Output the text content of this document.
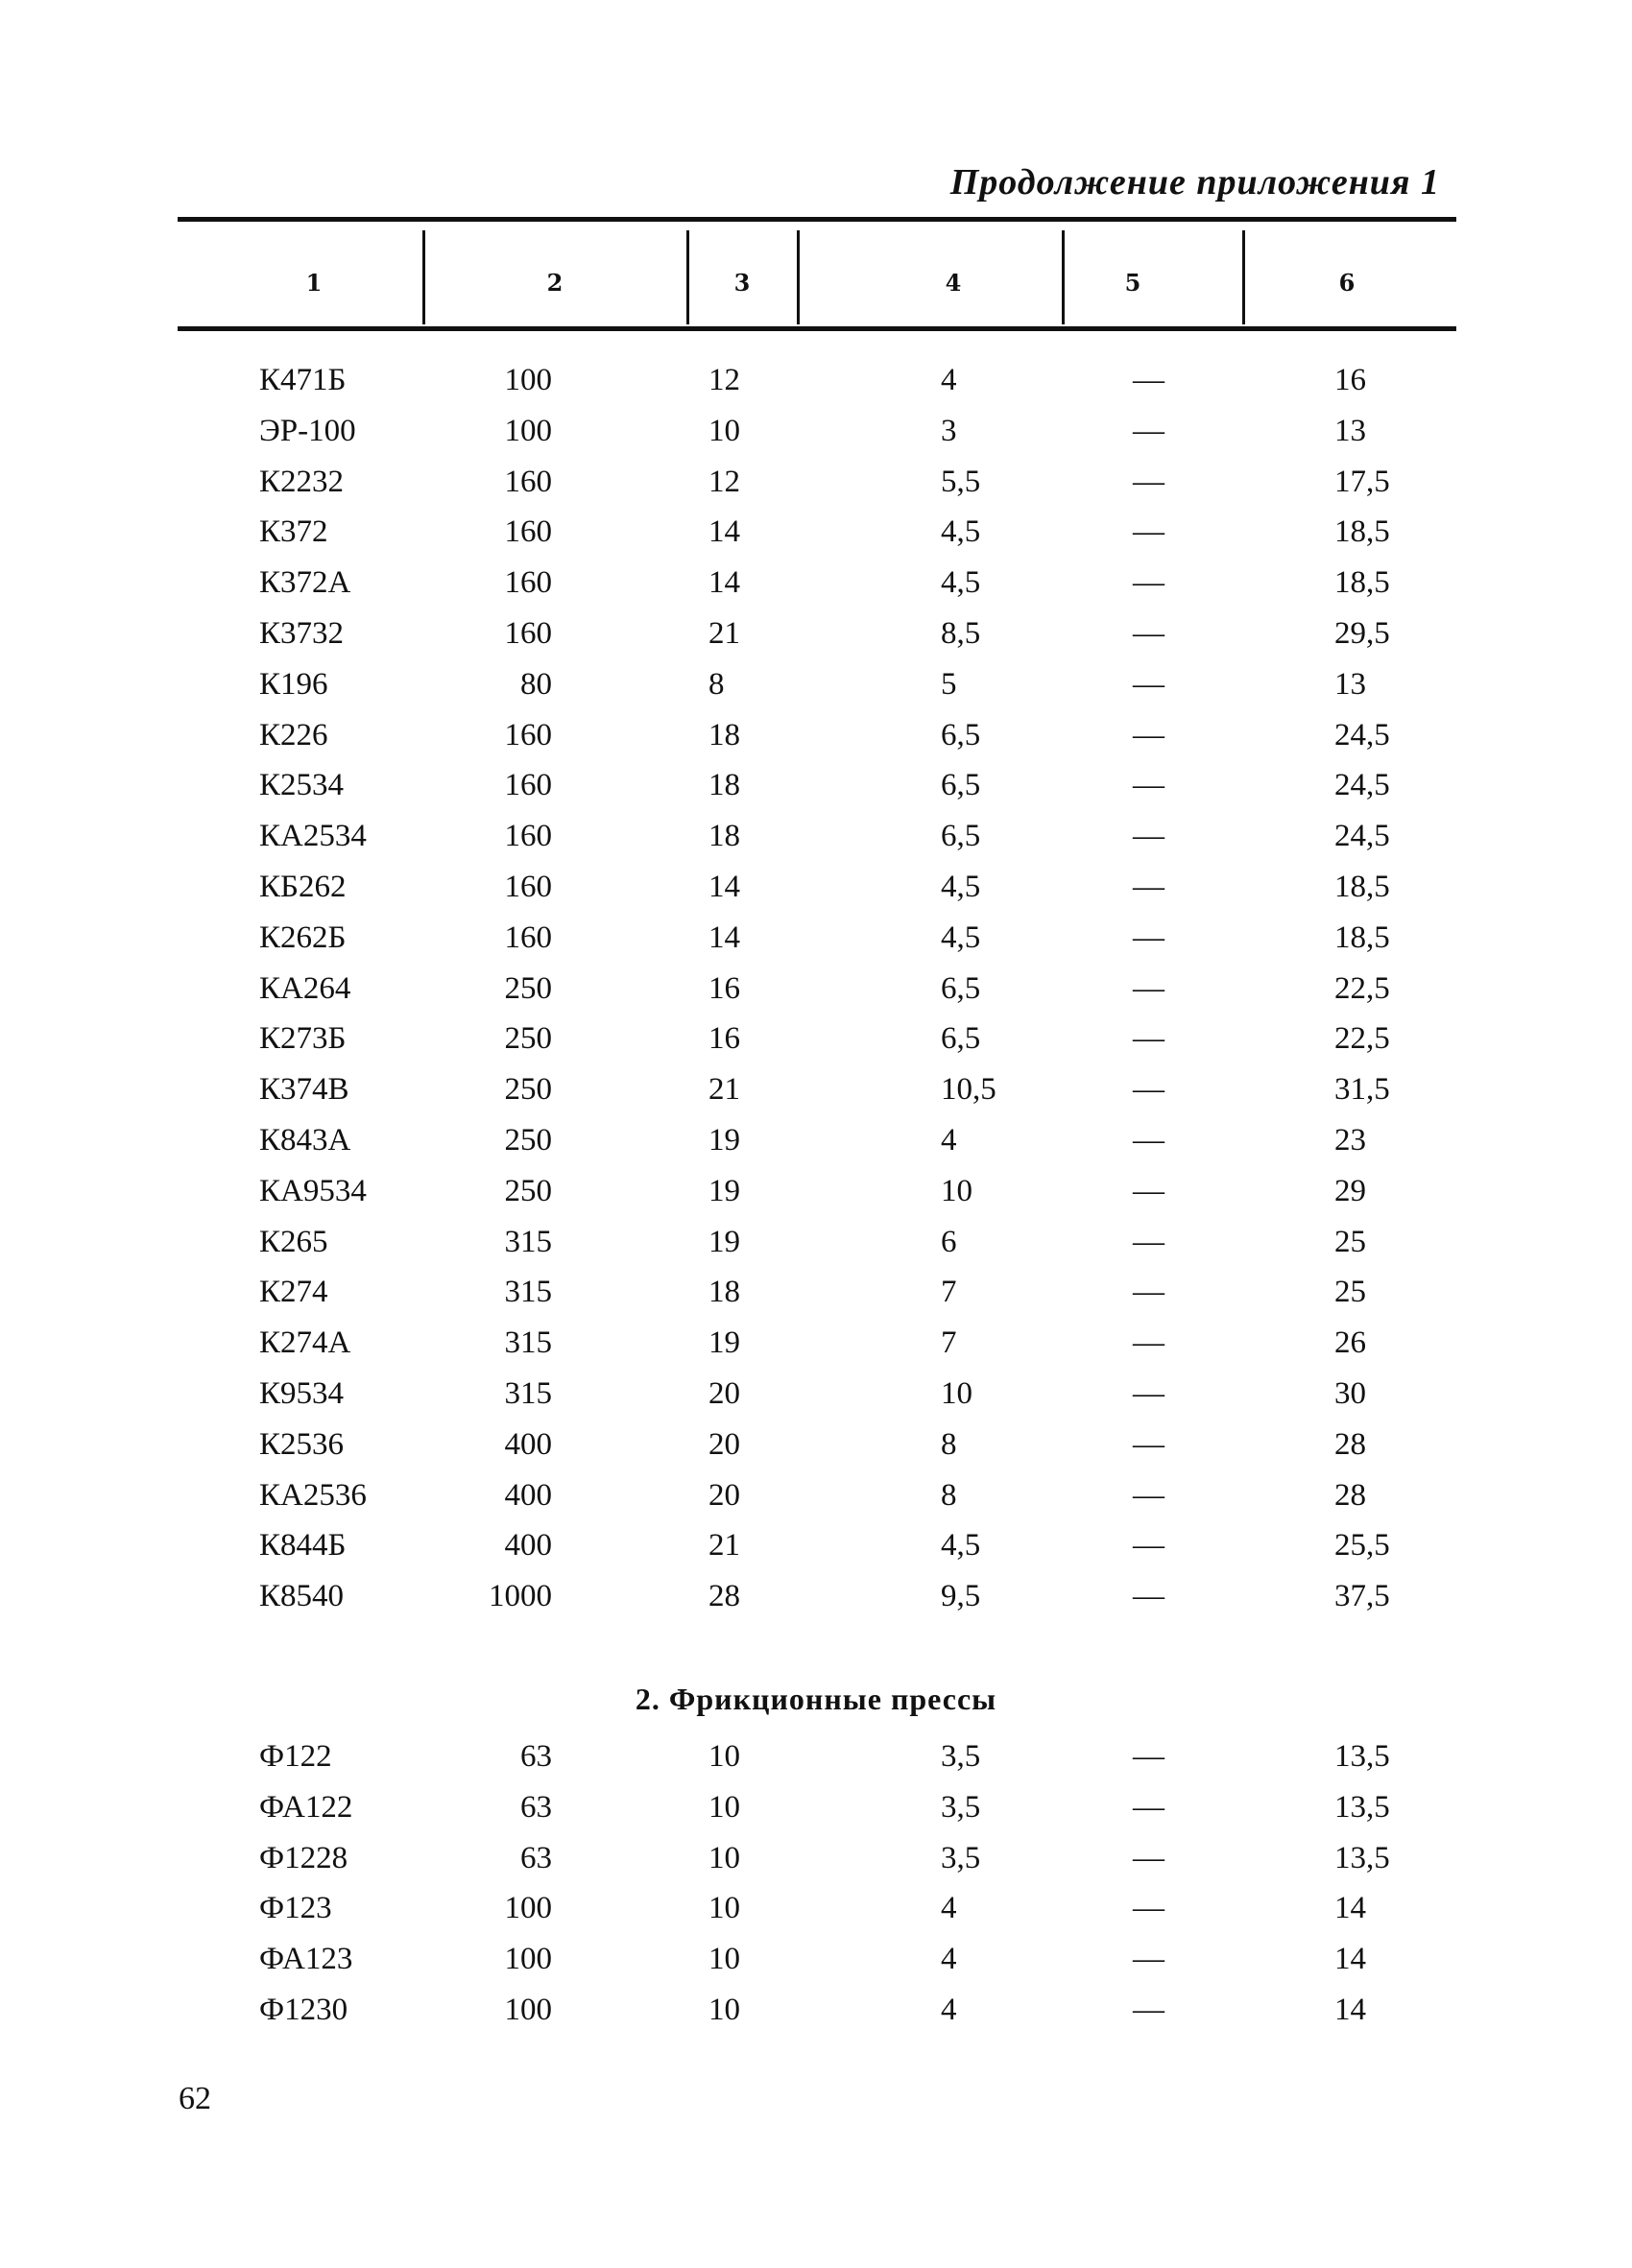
Продолжение приложения 1
1	2	3	4	5	6
К471Б	100	12	4	—	16
ЭР-100	100	10	3	—	13
К2232	160	12	5,5	—	17,5
К372	160	14	4,5	—	18,5
К372А	160	14	4,5	—	18,5
К3732	160	21	8,5	—	29,5
К196	80	8	5	—	13
К226	160	18	6,5	—	24,5
К2534	160	18	6,5	—	24,5
КА2534	160	18	6,5	—	24,5
КБ262	160	14	4,5	—	18,5
К262Б	160	14	4,5	—	18,5
КА264	250	16	6,5	—	22,5
К273Б	250	16	6,5	—	22,5
К374В	250	21	10,5	—	31,5
К843А	250	19	4	—	23
КА9534	250	19	10	—	29
К265	315	19	6	—	25
К274	315	18	7	—	25
К274А	315	19	7	—	26
К9534	315	20	10	—	30
К2536	400	20	8	—	28
КА2536	400	20	8	—	28
К844Б	400	21	4,5	—	25,5
К8540	1000	28	9,5	—	37,5
2. Фрикционные прессы
Ф122	63	10	3,5	—	13,5
ФА122	63	10	3,5	—	13,5
Ф1228	63	10	3,5	—	13,5
Ф123	100	10	4	—	14
ФА123	100	10	4	—	14
Ф1230	100	10	4	—	14
62
